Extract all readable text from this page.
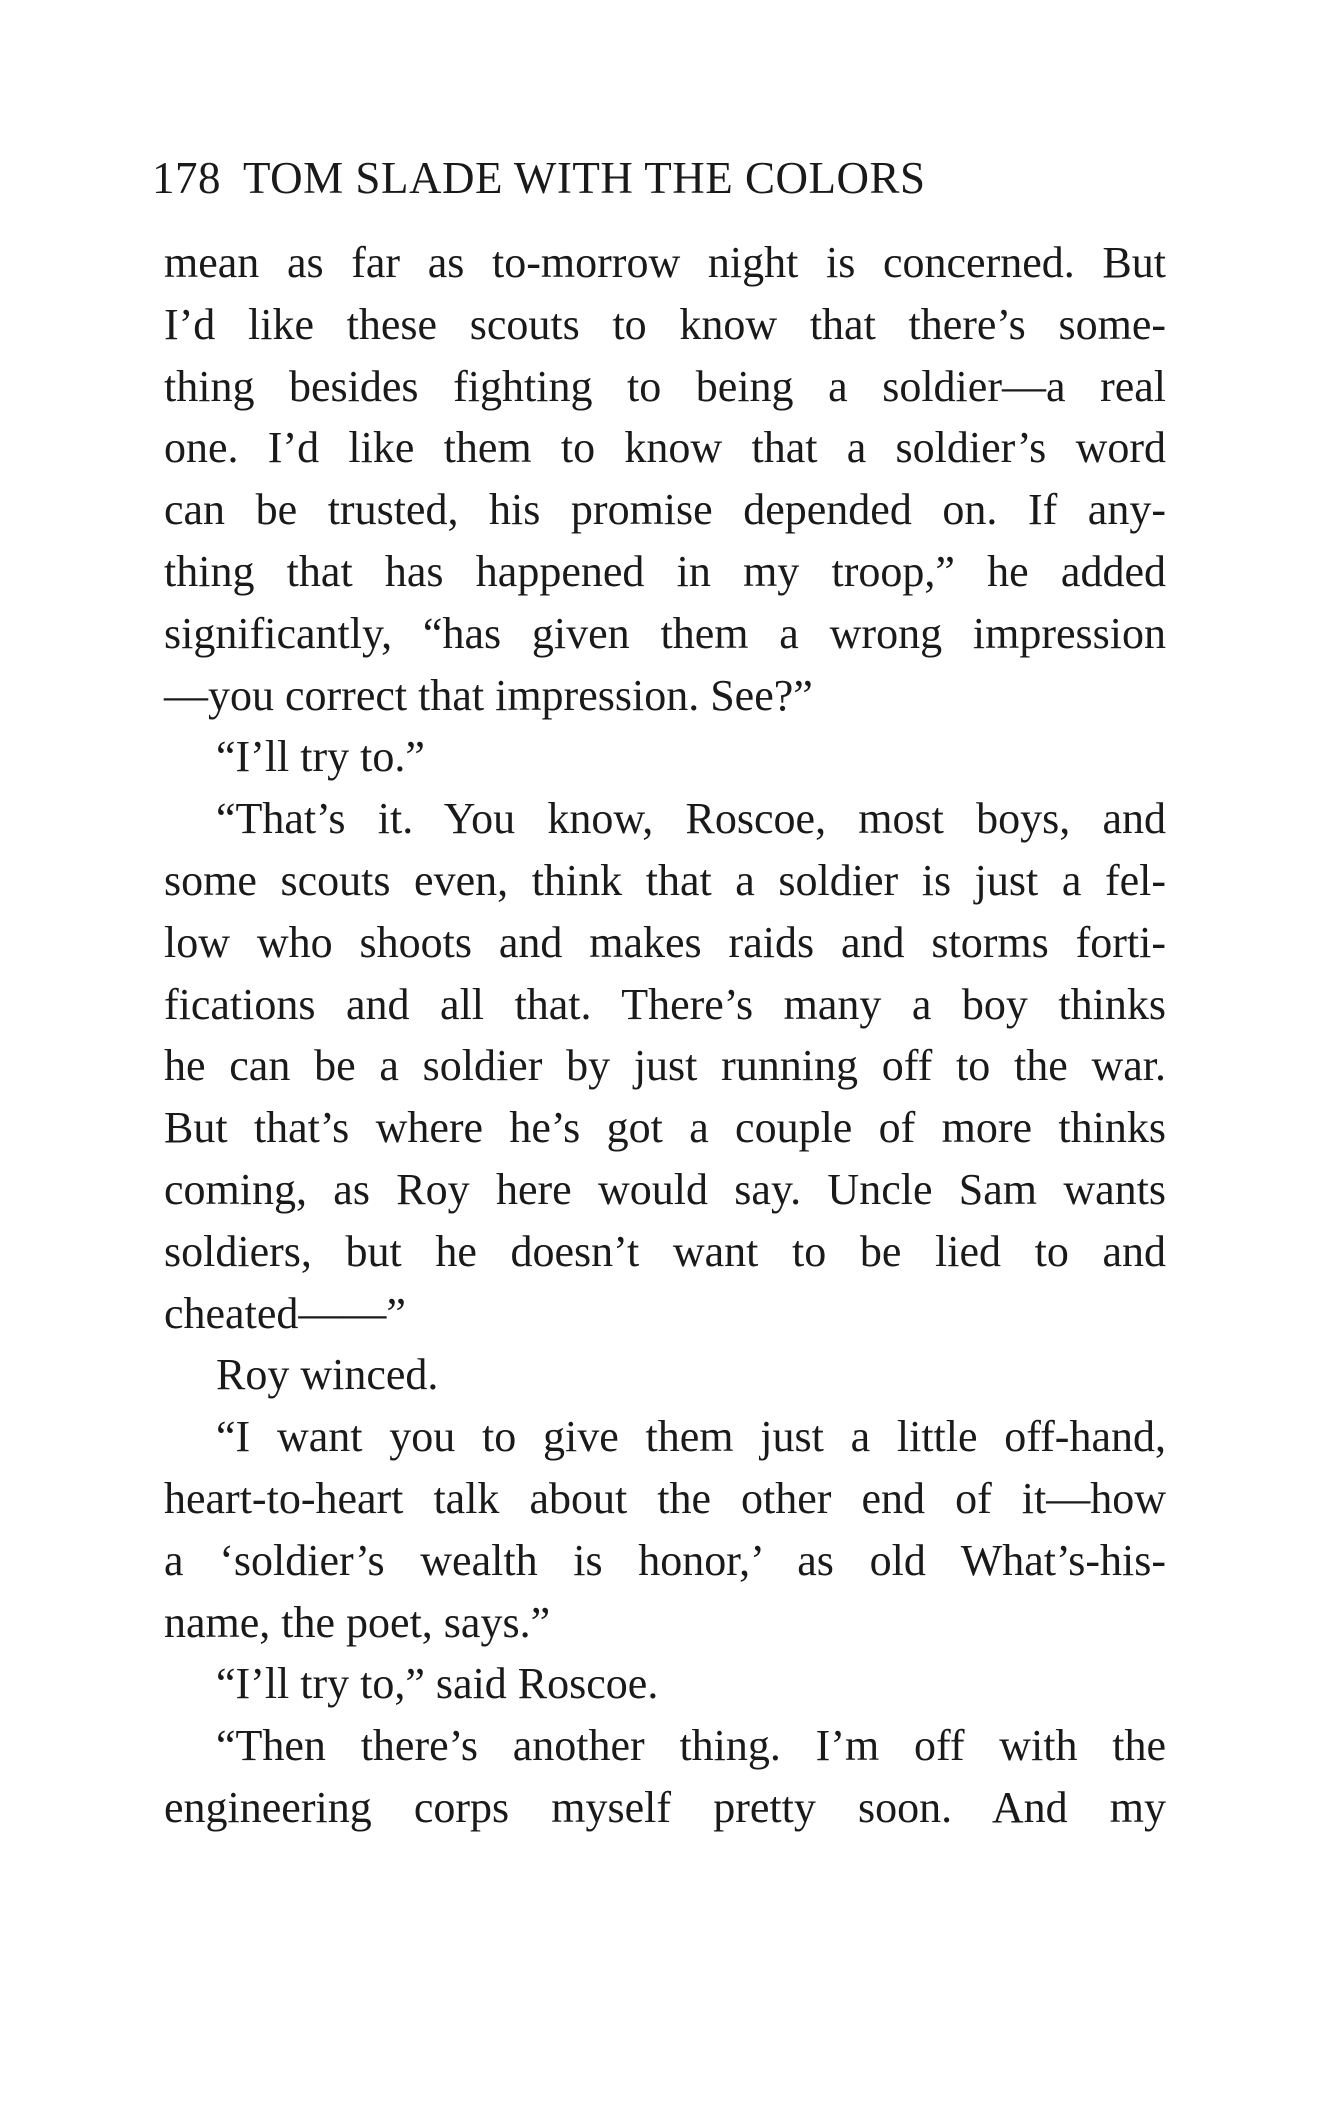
178 TOM SLADE WITH THE COLORS
mean as far as to-morrow night is concerned. But
I’d like these scouts to know that there’s some-
thing besides fighting to being a soldier—a real
one. I’d like them to know that a soldier’s word
can be trusted, his promise depended on. If any-
thing that has happened in my troop,” he added
significantly, “has given them a wrong impression
—you correct that impression. See?”
“I’ll try to.”
“That’s it. You know, Roscoe, most boys, and
some scouts even, think that a soldier is just a fel-
low who shoots and makes raids and storms forti-
fications and all that. There’s many a boy thinks
he can be a soldier by just running off to the war.
But that’s where he’s got a couple of more thinks
coming, as Roy here would say. Uncle Sam wants
soldiers, but he doesn’t want to be lied to and
cheated——”
Roy winced.
“I want you to give them just a little off-hand,
heart-to-heart talk about the other end of it—how
a ‘soldier’s wealth is honor,’ as old What’s-his-
name, the poet, says.”
“I’ll try to,” said Roscoe.
“Then there’s another thing. I’m off with the
engineering corps myself pretty soon. And my
